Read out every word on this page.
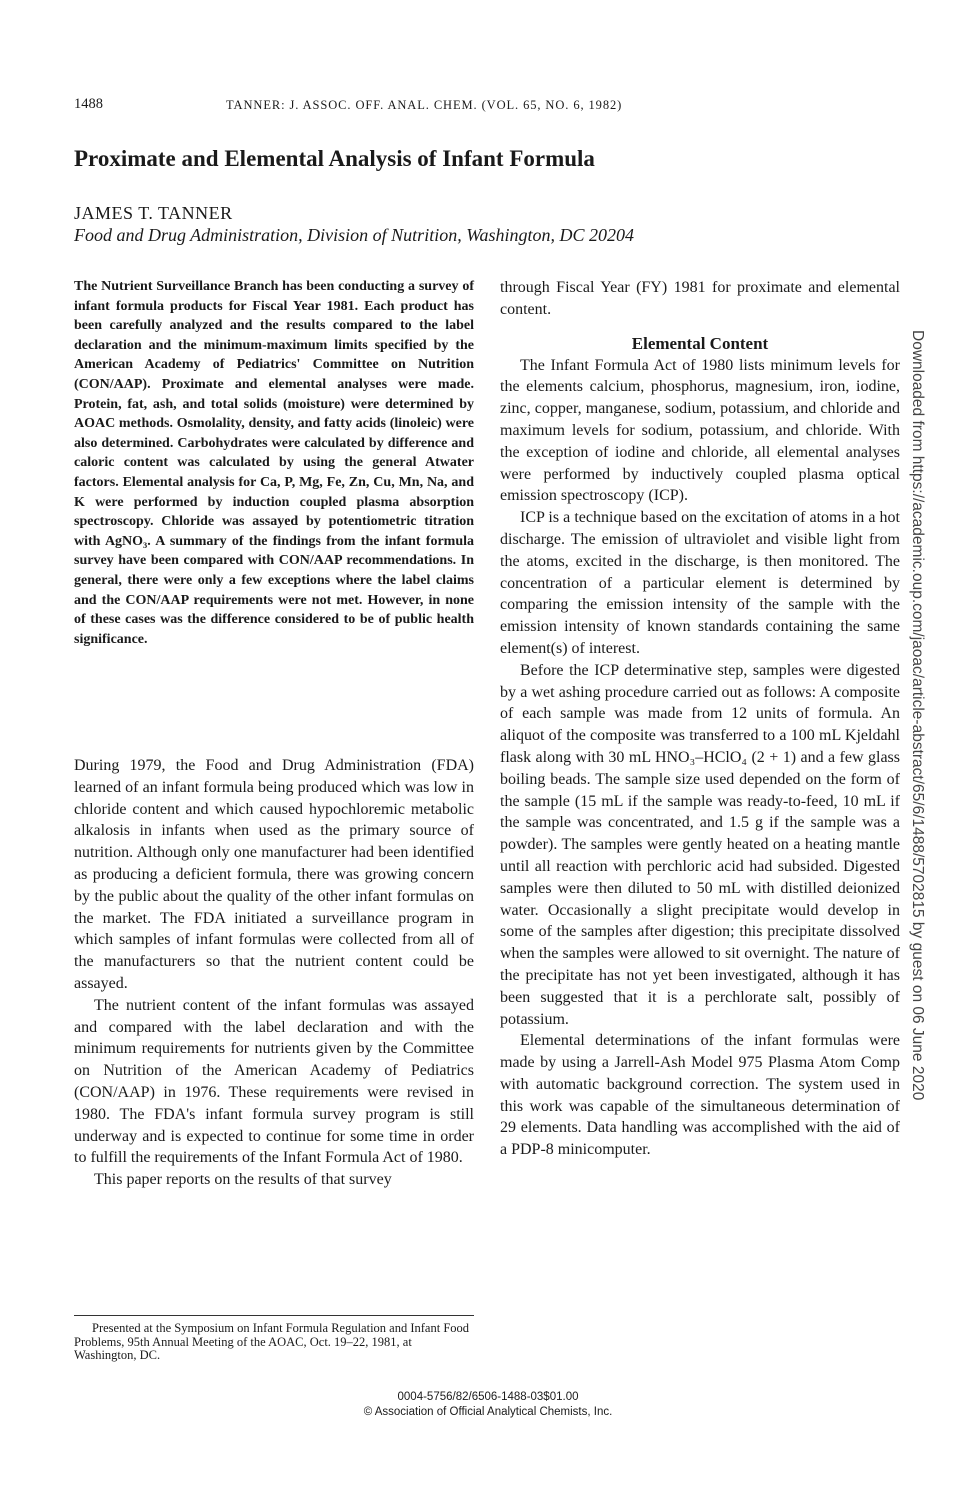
1488	TANNER: J. ASSOC. OFF. ANAL. CHEM. (VOL. 65, NO. 6, 1982)
Proximate and Elemental Analysis of Infant Formula
JAMES T. TANNER
Food and Drug Administration, Division of Nutrition, Washington, DC 20204

The Nutrient Surveillance Branch has been conducting a survey of infant formula products for Fiscal Year 1981. Each product has been carefully analyzed and the results compared to the label declaration and the minimum-maximum limits specified by the American Academy of Pediatrics' Committee on Nutrition (CON/AAP). Proximate and elemental analyses were made. Protein, fat, ash, and total solids (moisture) were determined by AOAC methods. Osmolality, density, and fatty acids (linoleic) were also determined. Carbohydrates were calculated by difference and caloric content was calculated by using the general Atwater factors. Elemental analysis for Ca, P, Mg, Fe, Zn, Cu, Mn, Na, and K were performed by induction coupled plasma absorption spectroscopy. Chloride was assayed by potentiometric titration with AgNO₃. A summary of the findings from the infant formula survey have been compared with CON/AAP recommendations. In general, there were only a few exceptions where the label claims and the CON/AAP requirements were not met. However, in none of these cases was the difference considered to be of public health significance.

During 1979, the Food and Drug Administration (FDA) learned of an infant formula being produced which was low in chloride content and which caused hypochloremic metabolic alkalosis in infants when used as the primary source of nutrition. Although only one manufacturer had been identified as producing a deficient formula, there was growing concern by the public about the quality of the other infant formulas on the market. The FDA initiated a surveillance program in which samples of infant formulas were collected from all of the manufacturers so that the nutrient content could be assayed.

The nutrient content of the infant formulas was assayed and compared with the label declaration and with the minimum requirements for nutrients given by the Committee on Nutrition of the American Academy of Pediatrics (CON/AAP) in 1976. These requirements were revised in 1980. The FDA's infant formula survey program is still underway and is expected to continue for some time in order to fulfill the requirements of the Infant Formula Act of 1980.

This paper reports on the results of that survey

through Fiscal Year (FY) 1981 for proximate and elemental content.

Elemental Content

The Infant Formula Act of 1980 lists minimum levels for the elements calcium, phosphorus, magnesium, iron, iodine, zinc, copper, manganese, sodium, potassium, and chloride and maximum levels for sodium, potassium, and chloride. With the exception of iodine and chloride, all elemental analyses were performed by inductively coupled plasma optical emission spectroscopy (ICP).

ICP is a technique based on the excitation of atoms in a hot discharge. The emission of ultraviolet and visible light from the atoms, excited in the discharge, is then monitored. The concentration of a particular element is determined by comparing the emission intensity of the sample with the emission intensity of known standards containing the same element(s) of interest.

Before the ICP determinative step, samples were digested by a wet ashing procedure carried out as follows: A composite of each sample was made from 12 units of formula. An aliquot of the composite was transferred to a 100 mL Kjeldahl flask along with 30 mL HNO₃–HClO₄ (2 + 1) and a few glass boiling beads. The sample size used depended on the form of the sample (15 mL if the sample was ready-to-feed, 10 mL if the sample was concentrated, and 1.5 g if the sample was a powder). The samples were gently heated on a heating mantle until all reaction with perchloric acid had subsided. Digested samples were then diluted to 50 mL with distilled deionized water. Occasionally a slight precipitate would develop in some of the samples after digestion; this precipitate dissolved when the samples were allowed to sit overnight. The nature of the precipitate has not yet been investigated, although it has been suggested that it is a perchlorate salt, possibly of potassium.

Elemental determinations of the infant formulas were made by using a Jarrell-Ash Model 975 Plasma Atom Comp with automatic background correction. The system used in this work was capable of the simultaneous determination of 29 elements. Data handling was accomplished with the aid of a PDP-8 minicomputer.

Presented at the Symposium on Infant Formula Regulation and Infant Food Problems, 95th Annual Meeting of the AOAC, Oct. 19–22, 1981, at Washington, DC.

0004-5756/82/6506-1488-03$01.00
© Association of Official Analytical Chemists, Inc.
Downloaded from https://academic.oup.com/jaoac/article-abstract/65/6/1488/5702815 by guest on 06 June 2020
